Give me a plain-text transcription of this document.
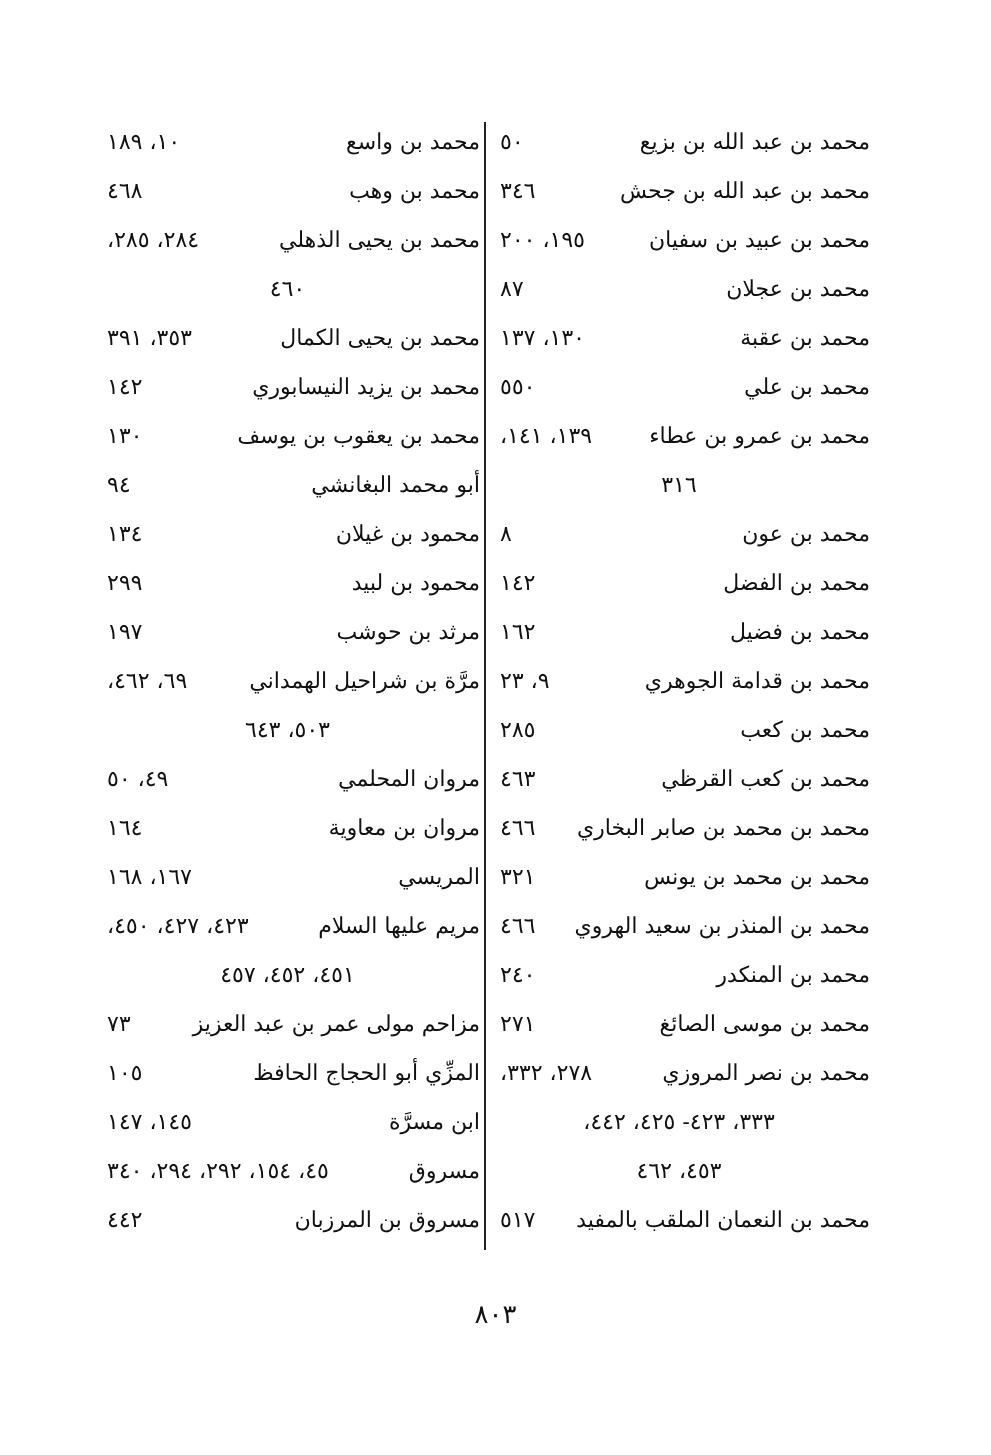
محمد بن عبد الله بن بزيع
٥٠
محمد بن عبد الله بن جحش
٣٤٦
محمد بن عبيد بن سفيان
١٩٥، ٢٠٠
محمد بن عجلان
٨٧
محمد بن عقبة
١٣٠، ١٣٧
محمد بن علي
٥٥٠
محمد بن عمرو بن عطاء
١٣٩، ١٤١،
٣١٦
محمد بن عون
٨
محمد بن الفضل
١٤٢
محمد بن فضيل
١٦٢
محمد بن قدامة الجوهري
٩، ٢٣
محمد بن كعب
٢٨٥
محمد بن كعب القرظي
٤٦٣
محمد بن محمد بن صابر البخاري
٤٦٦
محمد بن محمد بن يونس
٣٢١
محمد بن المنذر بن سعيد الهروي
٤٦٦
محمد بن المنكدر
٢٤٠
محمد بن موسى الصائغ
٢٧١
محمد بن نصر المروزي
٢٧٨، ٣٣٢،
٣٣٣، ٤٢٣- ٤٢٥، ٤٤٢،
٤٥٣، ٤٦٢
محمد بن النعمان الملقب بالمفيد
٥١٧
محمد بن واسع
١٠، ١٨٩
محمد بن وهب
٤٦٨
محمد بن يحيى الذهلي
٢٨٤، ٢٨٥،
٤٦٠
محمد بن يحيى الكمال
٣٥٣، ٣٩١
محمد بن يزيد النيسابوري
١٤٢
محمد بن يعقوب بن يوسف
١٣٠
أبو محمد البغانشي
٩٤
محمود بن غيلان
١٣٤
محمود بن لبيد
٢٩٩
مرثد بن حوشب
١٩٧
مرَّة بن شراحيل الهمداني
٦٩، ٤٦٢،
٥٠٣، ٦٤٣
مروان المحلمي
٤٩، ٥٠
مروان بن معاوية
١٦٤
المريسي
١٦٧، ١٦٨
مريم عليها السلام
٤٢٣، ٤٢٧، ٤٥٠،
٤٥١، ٤٥٢، ٤٥٧
مزاحم مولى عمر بن عبد العزيز
٧٣
المزِّي أبو الحجاج الحافظ
١٠٥
ابن مسرَّة
١٤٥، ١٤٧
مسروق
٤٥، ١٥٤، ٢٩٢، ٢٩٤، ٣٤٠
مسروق بن المرزبان
٤٤٢
٨٠٣
